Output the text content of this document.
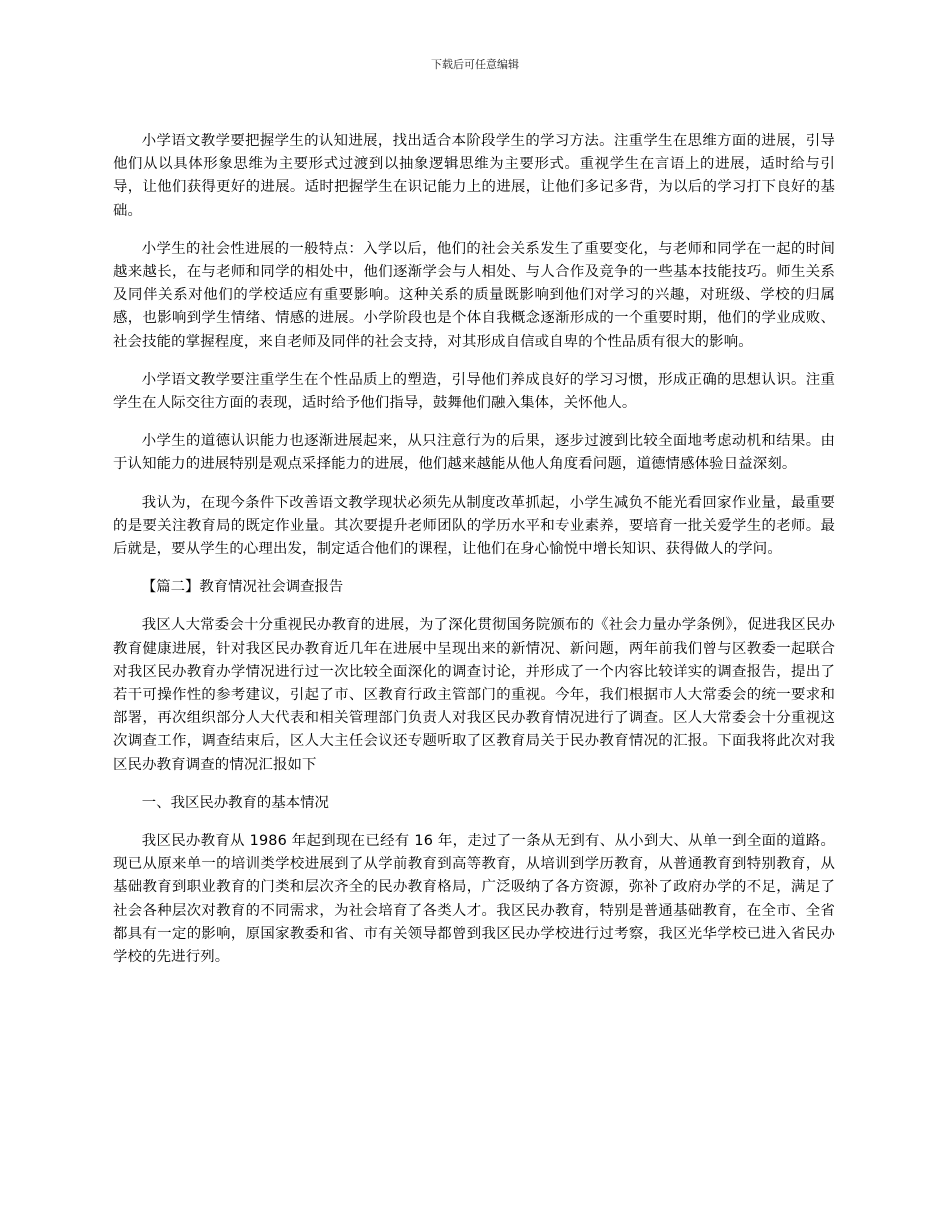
下载后可任意编辑

小学语文教学要把握学生的认知进展，找出适合本阶段学生的学习方法。注重学生在思维方面的进展，引导他们从以具体形象思维为主要形式过渡到以抽象逻辑思维为主要形式。重视学生在言语上的进展，适时给与引导，让他们获得更好的进展。适时把握学生在识记能力上的进展，让他们多记多背，为以后的学习打下良好的基础。

小学生的社会性进展的一般特点：入学以后，他们的社会关系发生了重要变化，与老师和同学在一起的时间越来越长，在与老师和同学的相处中，他们逐渐学会与人相处、与人合作及竞争的一些基本技能技巧。师生关系及同伴关系对他们的学校适应有重要影响。这种关系的质量既影响到他们对学习的兴趣，对班级、学校的归属感，也影响到学生情绪、情感的进展。小学阶段也是个体自我概念逐渐形成的一个重要时期，他们的学业成败、社会技能的掌握程度，来自老师及同伴的社会支持，对其形成自信或自卑的个性品质有很大的影响。

小学语文教学要注重学生在个性品质上的塑造，引导他们养成良好的学习习惯，形成正确的思想认识。注重学生在人际交往方面的表现，适时给予他们指导，鼓舞他们融入集体，关怀他人。

小学生的道德认识能力也逐渐进展起来，从只注意行为的后果，逐步过渡到比较全面地考虑动机和结果。由于认知能力的进展特别是观点采择能力的进展，他们越来越能从他人角度看问题，道德情感体验日益深刻。

我认为，在现今条件下改善语文教学现状必须先从制度改革抓起，小学生减负不能光看回家作业量，最重要的是要关注教育局的既定作业量。其次要提升老师团队的学历水平和专业素养，要培育一批关爱学生的老师。最后就是，要从学生的心理出发，制定适合他们的课程，让他们在身心愉悦中增长知识、获得做人的学问。

【篇二】教育情况社会调查报告

我区人大常委会十分重视民办教育的进展，为了深化贯彻国务院颁布的《社会力量办学条例》，促进我区民办教育健康进展，针对我区民办教育近几年在进展中呈现出来的新情况、新问题，两年前我们曾与区教委一起联合对我区民办教育办学情况进行过一次比较全面深化的调查讨论，并形成了一个内容比较详实的调查报告，提出了若干可操作性的参考建议，引起了市、区教育行政主管部门的重视。今年，我们根据市人大常委会的统一要求和部署，再次组织部分人大代表和相关管理部门负责人对我区民办教育情况进行了调查。区人大常委会十分重视这次调查工作，调查结束后，区人大主任会议还专题听取了区教育局关于民办教育情况的汇报。下面我将此次对我区民办教育调查的情况汇报如下

一、我区民办教育的基本情况

我区民办教育从 1986 年起到现在已经有 16 年，走过了一条从无到有、从小到大、从单一到全面的道路。现已从原来单一的培训类学校进展到了从学前教育到高等教育，从培训到学历教育，从普通教育到特别教育，从基础教育到职业教育的门类和层次齐全的民办教育格局，广泛吸纳了各方资源，弥补了政府办学的不足，满足了社会各种层次对教育的不同需求，为社会培育了各类人才。我区民办教育，特别是普通基础教育，在全市、全省都具有一定的影响，原国家教委和省、市有关领导都曾到我区民办学校进行过考察，我区光华学校已进入省民办学校的先进行列。
